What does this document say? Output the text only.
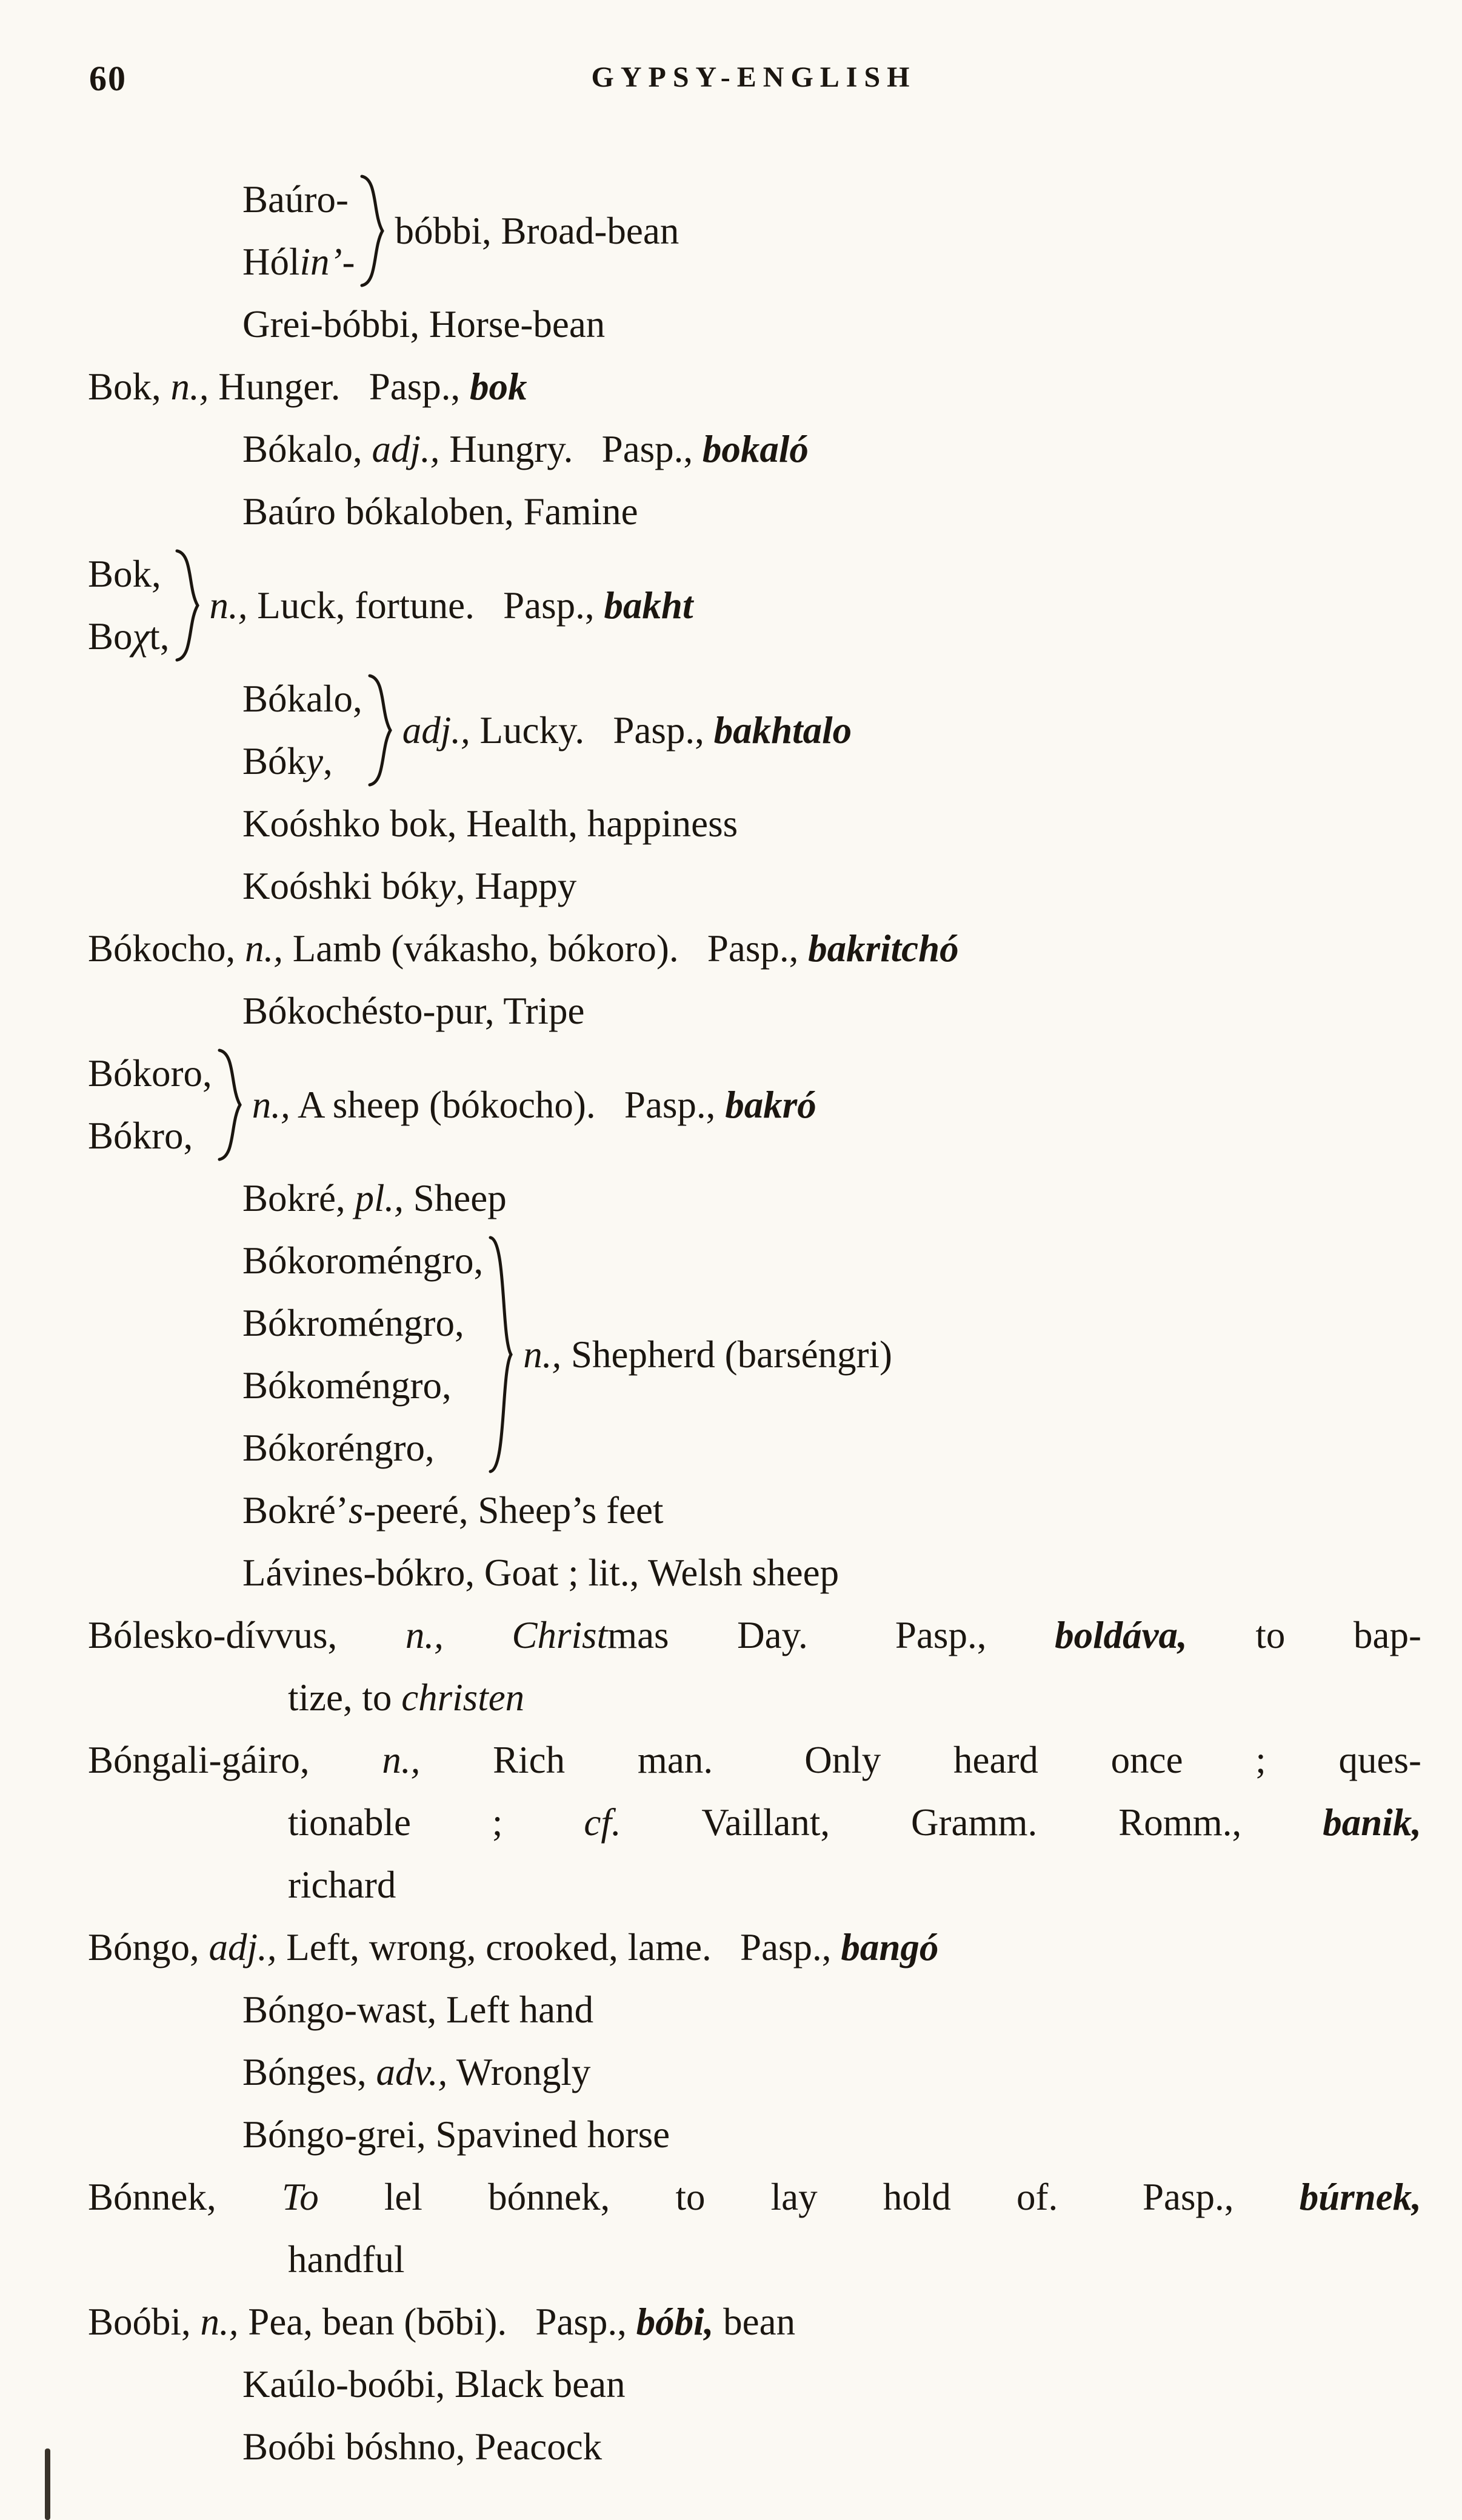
60	GYPSY-ENGLISH
Baúro-
Hólin’-
bóbbi, Broad-bean
Grei-bóbbi, Horse-bean
Bok, n., Hunger.  Pasp., bok
Bókalo, adj., Hungry.  Pasp., bokaló
Baúro bókaloben, Famine
Bok,
Boχt,
n., Luck, fortune.  Pasp., bakht
Bókalo,
Bóky,
adj., Lucky.  Pasp., bakhtalo
Koóshko bok, Health, happiness
Koóshki bóky, Happy
Bókocho, n., Lamb (vákasho, bókoro).  Pasp., bakritchó
Bókochésto-pur, Tripe
Bókoro,
Bókro,
n., A sheep (bókocho).  Pasp., bakró
Bokré, pl., Sheep
Bókoroméngro,
Bókroméngro,
Bókoméngro,
Bókoréngro,
n., Shepherd (barséngri)
Bokré’s-peeré, Sheep’s feet
Lávines-bókro, Goat ; lit., Welsh sheep
Bólesko-dívvus, n., Christmas Day.  Pasp., boldáva, to bap-
tize, to christen
Bóngali-gáiro, n., Rich man.  Only heard once ; ques-
tionable ; cf. Vaillant, Gramm. Romm., banik,
richard
Bóngo, adj., Left, wrong, crooked, lame.  Pasp., bangó
Bóngo-wast, Left hand
Bónges, adv., Wrongly
Bóngo-grei, Spavined horse
Bónnek, To lel bónnek, to lay hold of.  Pasp., búrnek,
handful
Boóbi, n., Pea, bean (bōbi).  Pasp., bóbi, bean
Kaúlo-boóbi, Black bean
Boóbi bóshno, Peacock
